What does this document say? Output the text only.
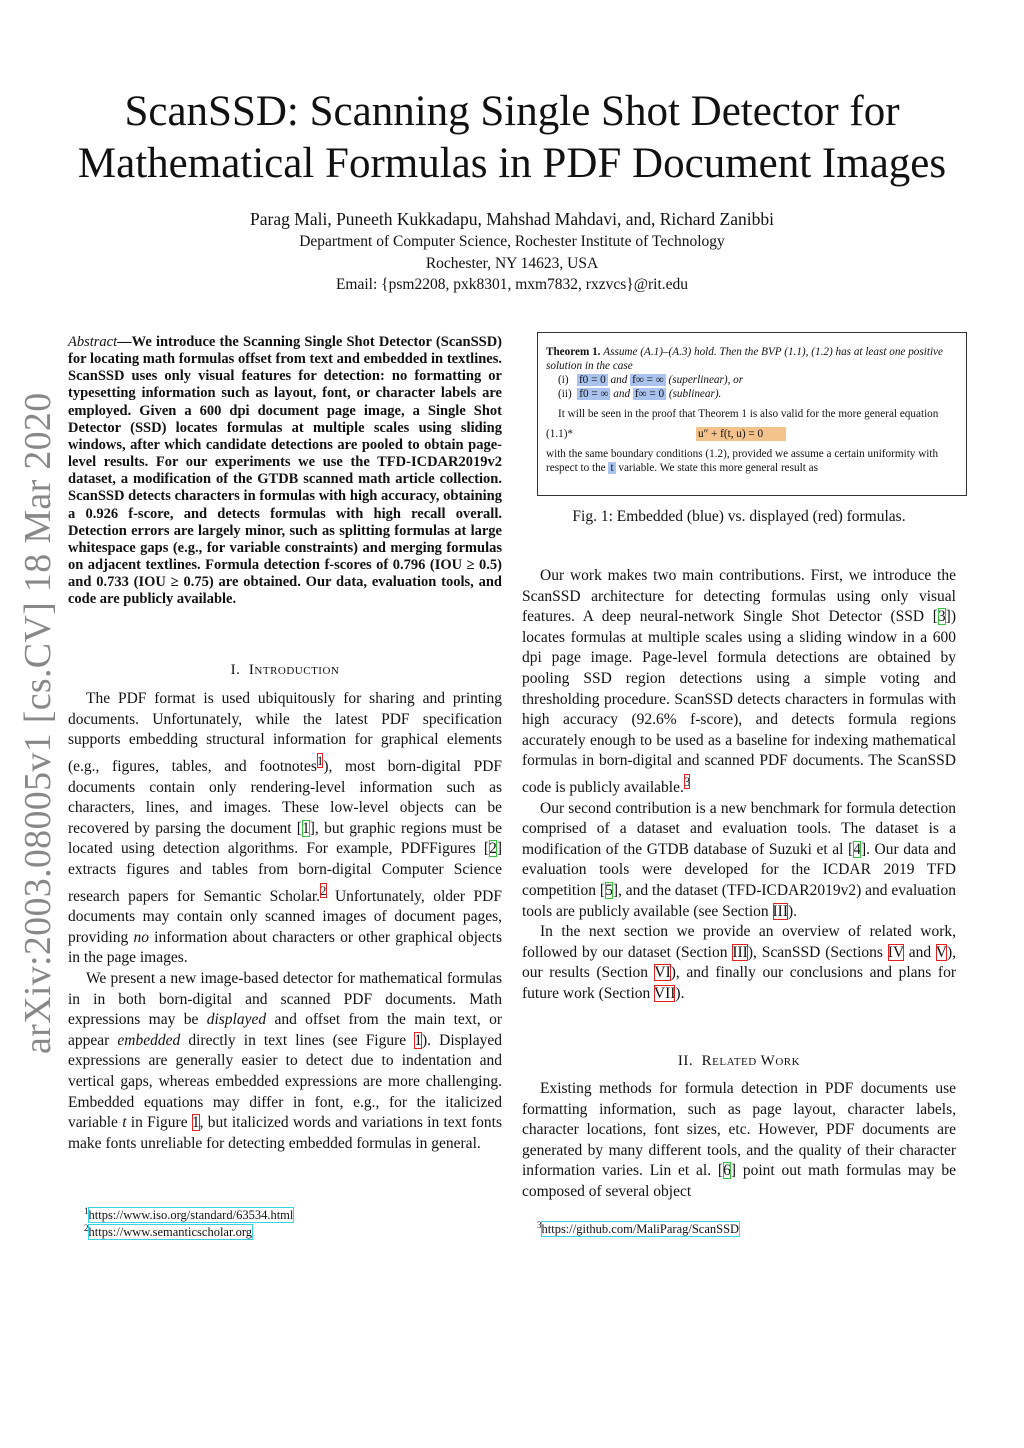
ScanSSD: Scanning Single Shot Detector for
Mathematical Formulas in PDF Document Images
Parag Mali, Puneeth Kukkadapu, Mahshad Mahdavi, and, Richard Zanibbi
Department of Computer Science, Rochester Institute of Technology
Rochester, NY 14623, USA
Email: {psm2208, pxk8301, mxm7832, rxzvcs}@rit.edu
arXiv:2003.08005v1 [cs.CV] 18 Mar 2020
Abstract—We introduce the Scanning Single Shot Detector (ScanSSD) for locating math formulas offset from text and embedded in textlines. ScanSSD uses only visual features for detection: no formatting or typesetting information such as layout, font, or character labels are employed. Given a 600 dpi document page image, a Single Shot Detector (SSD) locates formulas at multiple scales using sliding windows, after which candidate detections are pooled to obtain page-level results. For our experiments we use the TFD-ICDAR2019v2 dataset, a modification of the GTDB scanned math article collection. ScanSSD detects characters in formulas with high accuracy, obtaining a 0.926 f-score, and detects formulas with high recall overall. Detection errors are largely minor, such as splitting formulas at large whitespace gaps (e.g., for variable constraints) and merging formulas on adjacent textlines. Formula detection f-scores of 0.796 (IOU ≥ 0.5) and 0.733 (IOU ≥ 0.75) are obtained. Our data, evaluation tools, and code are publicly available.
I. Introduction

The PDF format is used ubiquitously for sharing and printing documents. Unfortunately, while the latest PDF specification supports embedding structural information for graphical elements (e.g., figures, tables, and footnotes$^1$), most born-digital PDF documents contain only rendering-level information such as characters, lines, and images. These low-level objects can be recovered by parsing the document [1], but graphic regions must be located using detection algorithms. For example, PDFFigures [2] extracts figures and tables from born-digital Computer Science research papers for Semantic Scholar.$^2$ Unfortunately, older PDF documents may contain only scanned images of document pages, providing no information about characters or other graphical objects in the page images.

We present a new image-based detector for mathematical formulas in in both born-digital and scanned PDF documents. Math expressions may be displayed and offset from the main text, or appear embedded directly in text lines (see Figure 1). Displayed expressions are generally easier to detect due to indentation and vertical gaps, whereas embedded expressions are more challenging. Embedded equations may differ in font, e.g., for the italicized variable t in Figure 1, but italicized words and variations in text fonts make fonts unreliable for detecting embedded formulas in general.

$^1$https://www.iso.org/standard/63534.html
$^2$https://www.semanticscholar.org
Theorem 1. Assume (A.1)–(A.3) hold. Then the BVP (1.1), (1.2) has at least one positive solution in the case
(i) f0 = 0 and f∞ = ∞ (superlinear), or
(ii) f0 = ∞ and f∞ = 0 (sublinear).
It will be seen in the proof that Theorem 1 is also valid for the more general equation
(1.1)*	u″ + f(t, u) = 0
with the same boundary conditions (1.2), provided we assume a certain uniformity with respect to the t variable. We state this more general result as
Fig. 1: Embedded (blue) vs. displayed (red) formulas.

Our work makes two main contributions. First, we introduce the ScanSSD architecture for detecting formulas using only visual features. A deep neural-network Single Shot Detector (SSD [3]) locates formulas at multiple scales using a sliding window in a 600 dpi page image. Page-level formula detections are obtained by pooling SSD region detections using a simple voting and thresholding procedure. ScanSSD detects characters in formulas with high accuracy (92.6% f-score), and detects formula regions accurately enough to be used as a baseline for indexing mathematical formulas in born-digital and scanned PDF documents. The ScanSSD code is publicly available.$^3$

Our second contribution is a new benchmark for formula detection comprised of a dataset and evaluation tools. The dataset is a modification of the GTDB database of Suzuki et al [4]. Our data and evaluation tools were developed for the ICDAR 2019 TFD competition [5], and the dataset (TFD-ICDAR2019v2) and evaluation tools are publicly available (see Section III).

In the next section we provide an overview of related work, followed by our dataset (Section III), ScanSSD (Sections IV and V), our results (Section VI), and finally our conclusions and plans for future work (Section VII).

II. Related Work

Existing methods for formula detection in PDF documents use formatting information, such as page layout, character labels, character locations, font sizes, etc. However, PDF documents are generated by many different tools, and the quality of their character information varies. Lin et al. [6] point out math formulas may be composed of several object

$^3$https://github.com/MaliParag/ScanSSD
